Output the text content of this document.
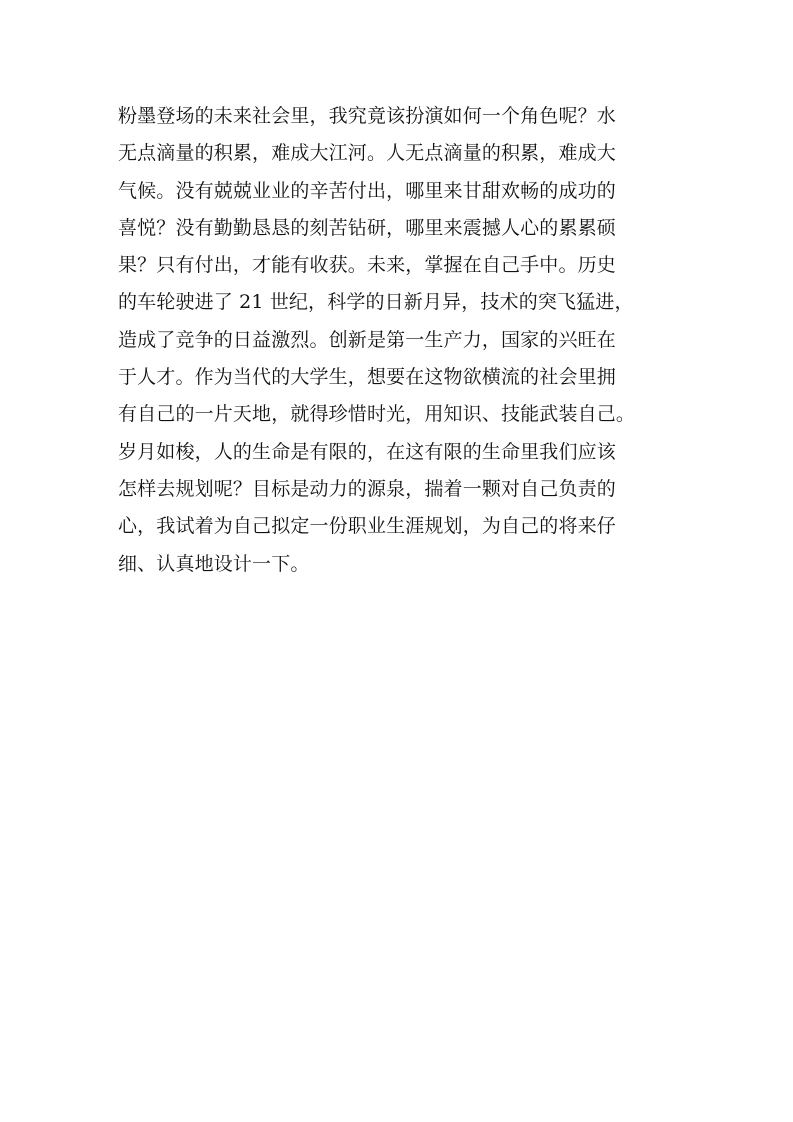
粉墨登场的未来社会里，我究竟该扮演如何一个角色呢？水
无点滴量的积累，难成大江河。人无点滴量的积累，难成大
气候。没有兢兢业业的辛苦付出，哪里来甘甜欢畅的成功的
喜悦？没有勤勤恳恳的刻苦钻研，哪里来震撼人心的累累硕
果？只有付出，才能有收获。未来，掌握在自己手中。历史
的车轮驶进了 21 世纪，科学的日新月异，技术的突飞猛进，
造成了竞争的日益激烈。创新是第一生产力，国家的兴旺在
于人才。作为当代的大学生，想要在这物欲横流的社会里拥
有自己的一片天地，就得珍惜时光，用知识、技能武装自己。
岁月如梭，人的生命是有限的，在这有限的生命里我们应该
怎样去规划呢？目标是动力的源泉，揣着一颗对自己负责的
心，我试着为自己拟定一份职业生涯规划，为自己的将来仔
细、认真地设计一下。
